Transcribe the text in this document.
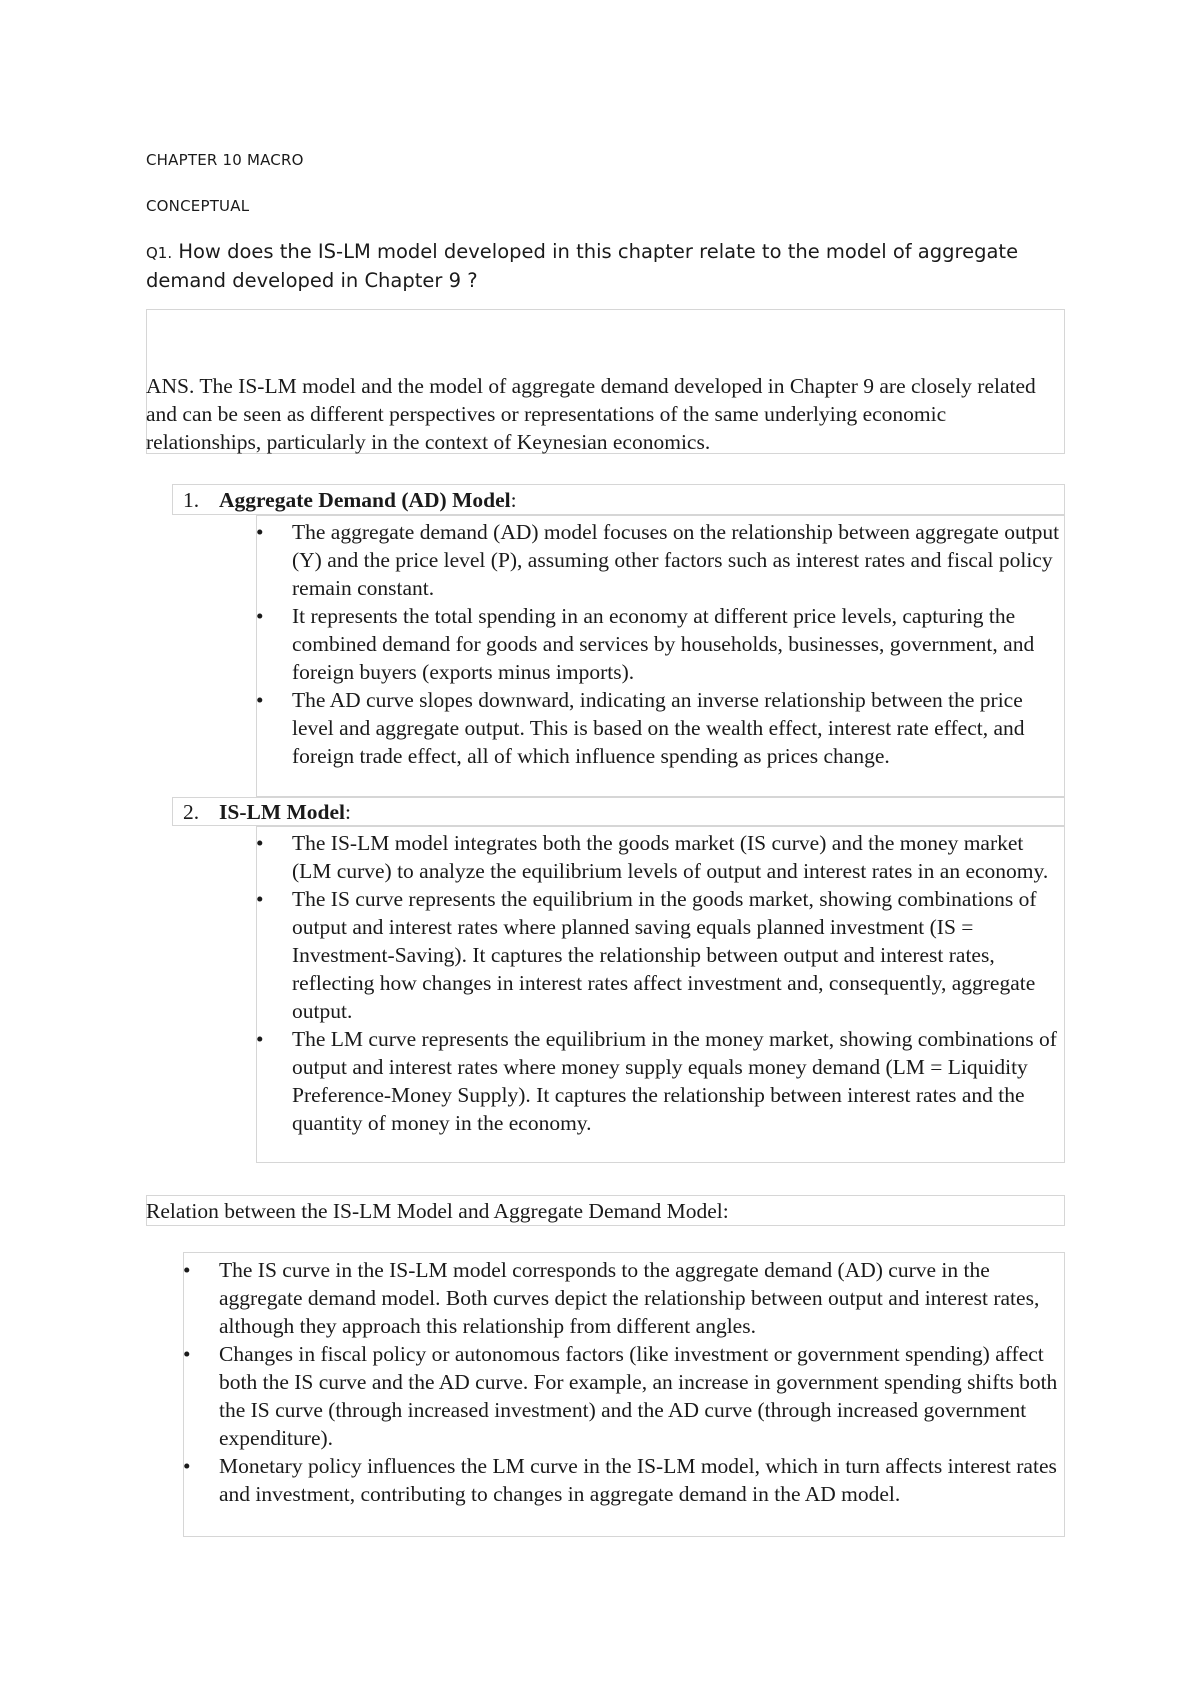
CHAPTER 10 MACRO
CONCEPTUAL
Q1. How does the IS-LM model developed in this chapter relate to the model of aggregate demand developed in Chapter 9 ?
ANS. The IS-LM model and the model of aggregate demand developed in Chapter 9 are closely related and can be seen as different perspectives or representations of the same underlying economic relationships, particularly in the context of Keynesian economics.
1. Aggregate Demand (AD) Model:
•	The aggregate demand (AD) model focuses on the relationship between aggregate output (Y) and the price level (P), assuming other factors such as interest rates and fiscal policy remain constant.
•	It represents the total spending in an economy at different price levels, capturing the combined demand for goods and services by households, businesses, government, and foreign buyers (exports minus imports).
•	The AD curve slopes downward, indicating an inverse relationship between the price level and aggregate output. This is based on the wealth effect, interest rate effect, and foreign trade effect, all of which influence spending as prices change.
2. IS-LM Model:
•	The IS-LM model integrates both the goods market (IS curve) and the money market (LM curve) to analyze the equilibrium levels of output and interest rates in an economy.
•	The IS curve represents the equilibrium in the goods market, showing combinations of output and interest rates where planned saving equals planned investment (IS = Investment-Saving). It captures the relationship between output and interest rates, reflecting how changes in interest rates affect investment and, consequently, aggregate output.
•	The LM curve represents the equilibrium in the money market, showing combinations of output and interest rates where money supply equals money demand (LM = Liquidity Preference-Money Supply). It captures the relationship between interest rates and the quantity of money in the economy.
Relation between the IS-LM Model and Aggregate Demand Model:
•	The IS curve in the IS-LM model corresponds to the aggregate demand (AD) curve in the aggregate demand model. Both curves depict the relationship between output and interest rates, although they approach this relationship from different angles.
•	Changes in fiscal policy or autonomous factors (like investment or government spending) affect both the IS curve and the AD curve. For example, an increase in government spending shifts both the IS curve (through increased investment) and the AD curve (through increased government expenditure).
•	Monetary policy influences the LM curve in the IS-LM model, which in turn affects interest rates and investment, contributing to changes in aggregate demand in the AD model.
